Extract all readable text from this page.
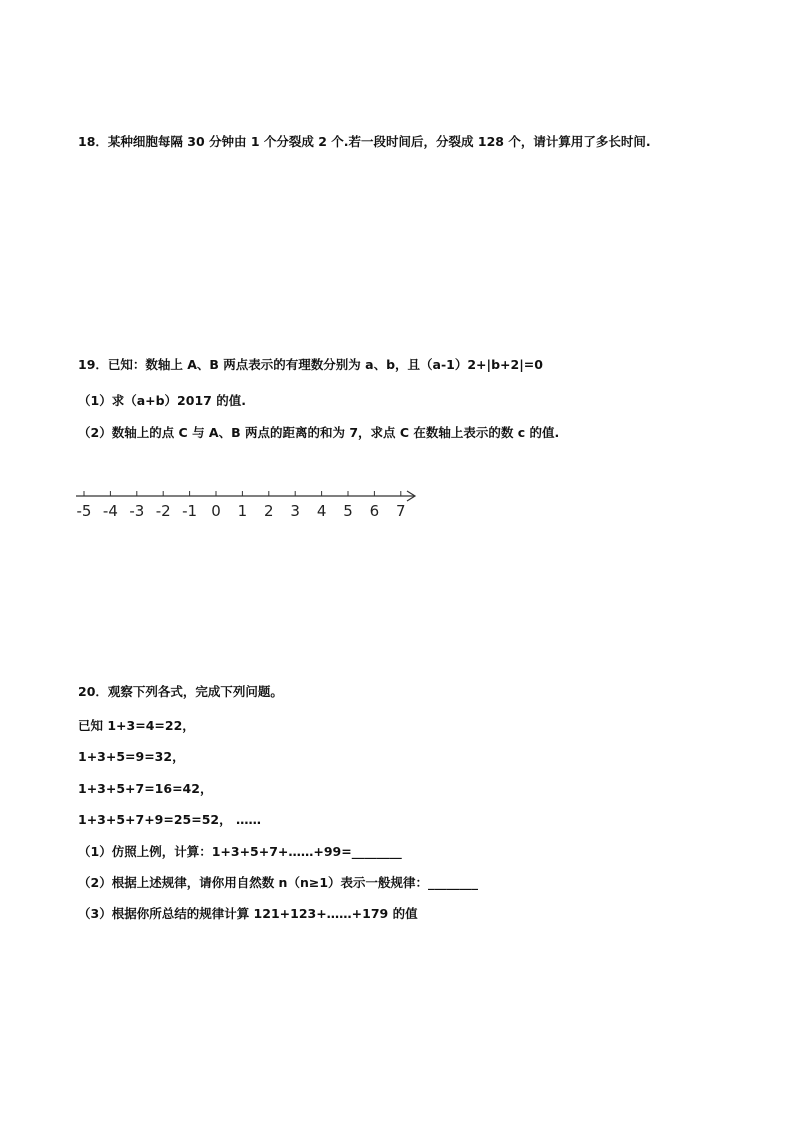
18．某种细胞每隔 30 分钟由 1 个分裂成 2 个.若一段时间后，分裂成 128 个，请计算用了多长时间.
19．已知：数轴上 A、B 两点表示的有理数分别为 a、b，且（a-1）2+|b+2|=0
（1）求（a+b）2017 的值.
（2）数轴上的点 C 与 A、B 两点的距离的和为 7，求点 C 在数轴上表示的数 c 的值.
-5 -4 -3 -2 -1 0 1 2 3 4 5 6 7
20．观察下列各式，完成下列问题。
已知 1+3=4=22，
1+3+5=9=32，
1+3+5+7=16=42，
1+3+5+7+9=25=52， ……
（1）仿照上例，计算：1+3+5+7+……+99=________
（2）根据上述规律，请你用自然数 n（n≥1）表示一般规律：________
（3）根据你所总结的规律计算 121+123+……+179 的值
